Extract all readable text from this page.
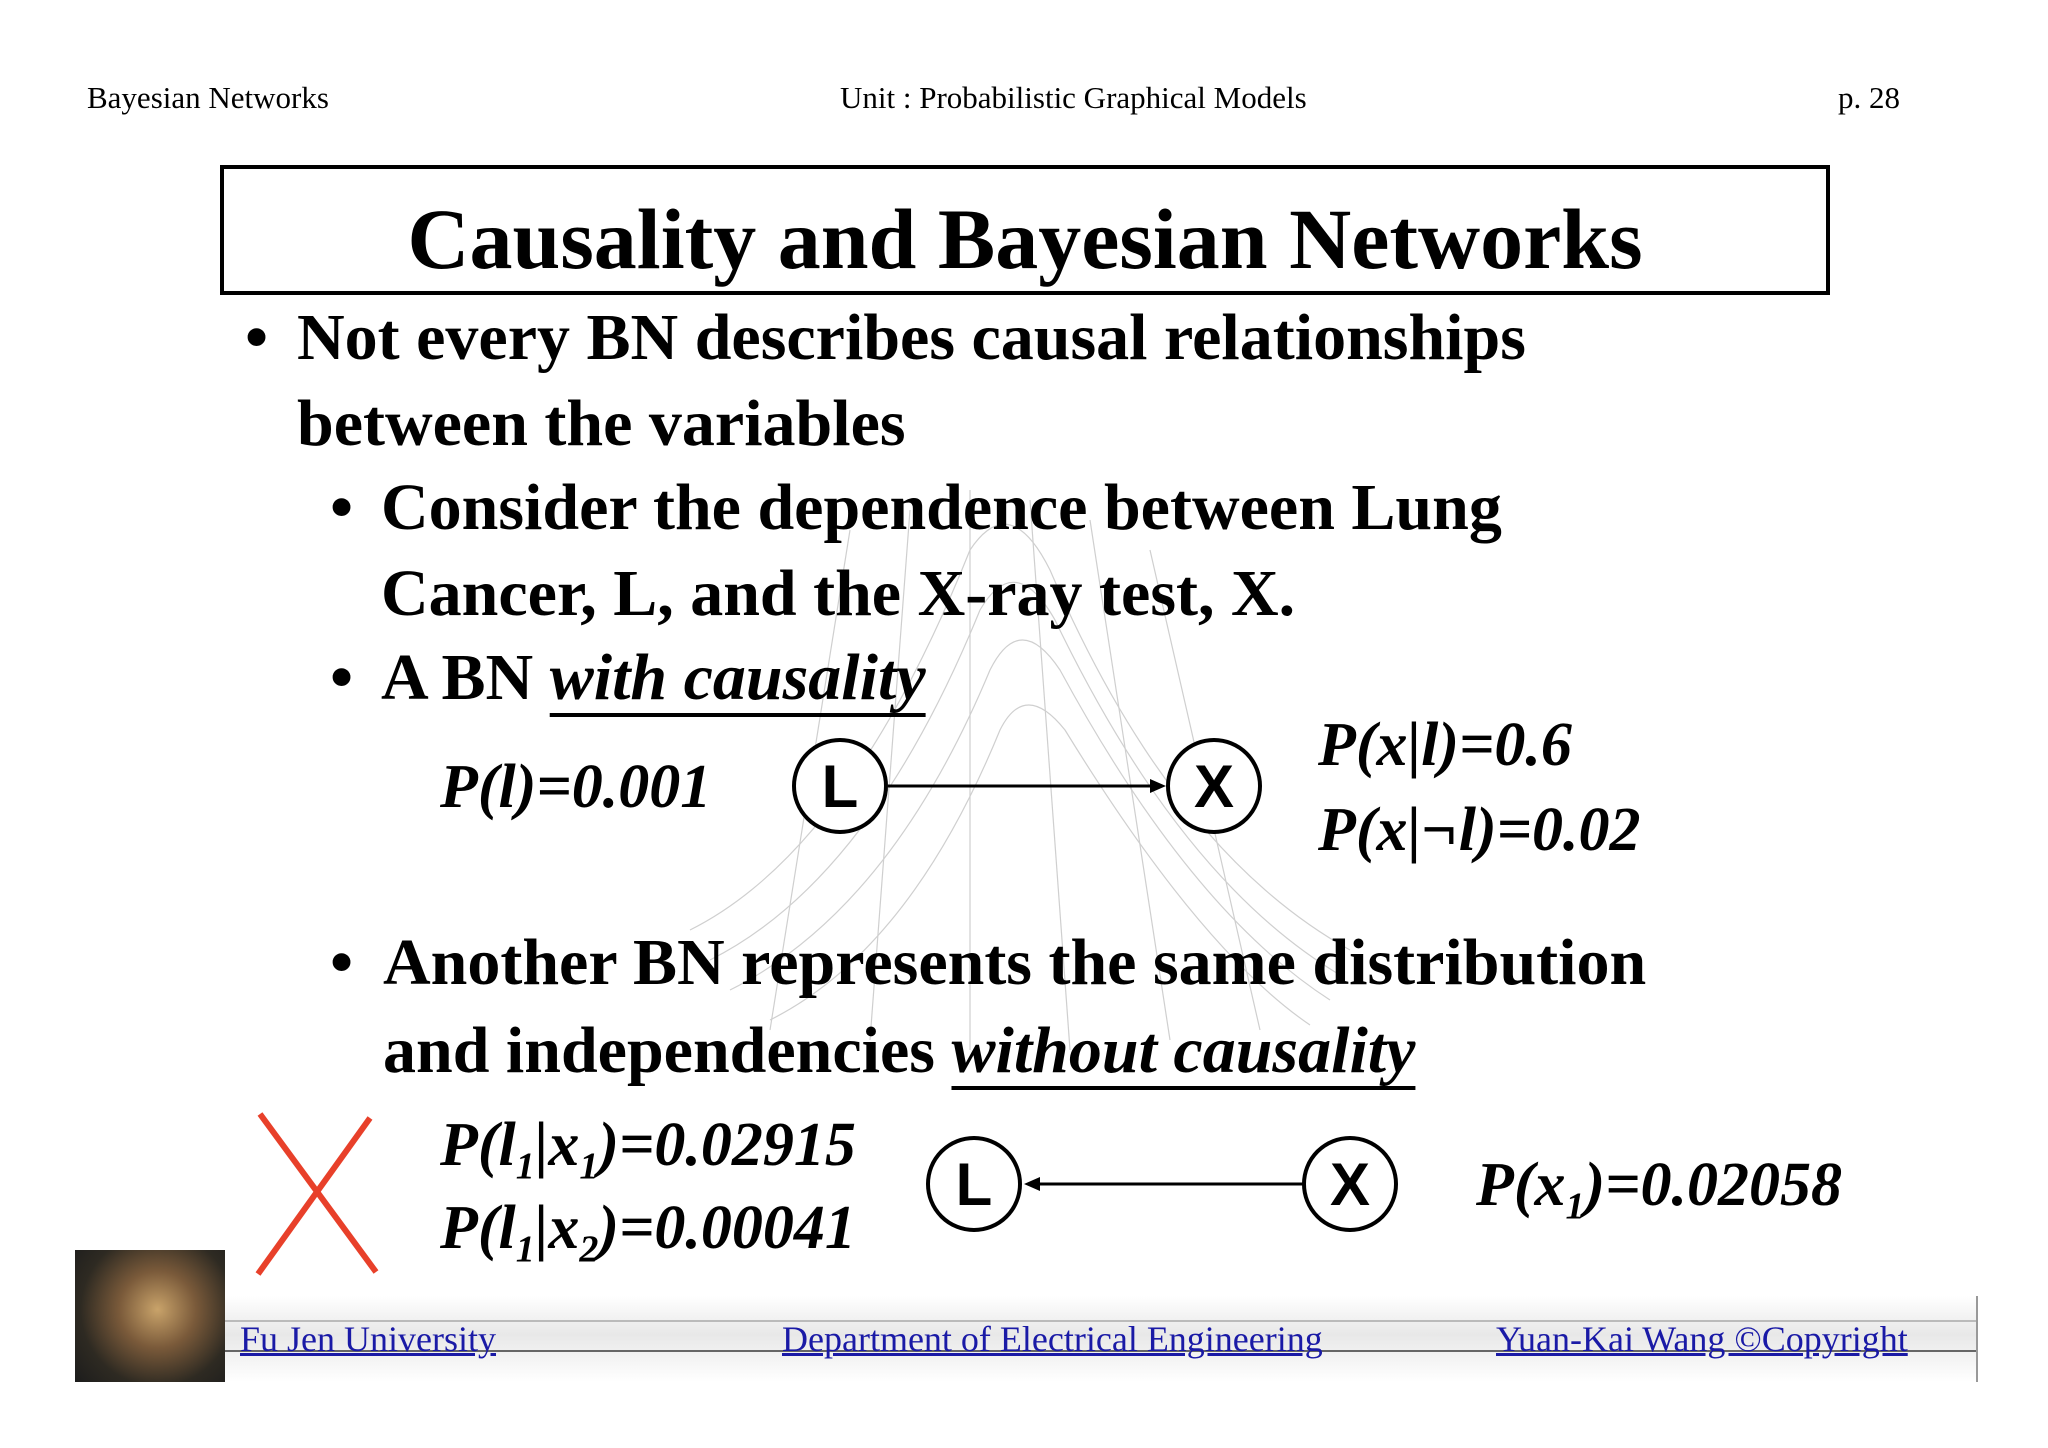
Bayesian Networks	Unit : Probabilistic Graphical Models	p. 28
Causality and Bayesian Networks
• Not every BN describes causal relationships
between the variables
• Consider the dependence between Lung
Cancer, L, and the X-ray test, X.
• A BN with causality
P(l)=0.001	L	X
P(x|l)=0.6
P(x|¬l)=0.02
• Another BN represents the same distribution
and independencies without causality
$P(l_1|x_1)=0.02915$
$P(l_1|x_2)=0.00041$
L	X	$P(x_1)=0.02058$
Fu Jen University	Department of Electrical Engineering	Yuan-Kai Wang ©Copyright
